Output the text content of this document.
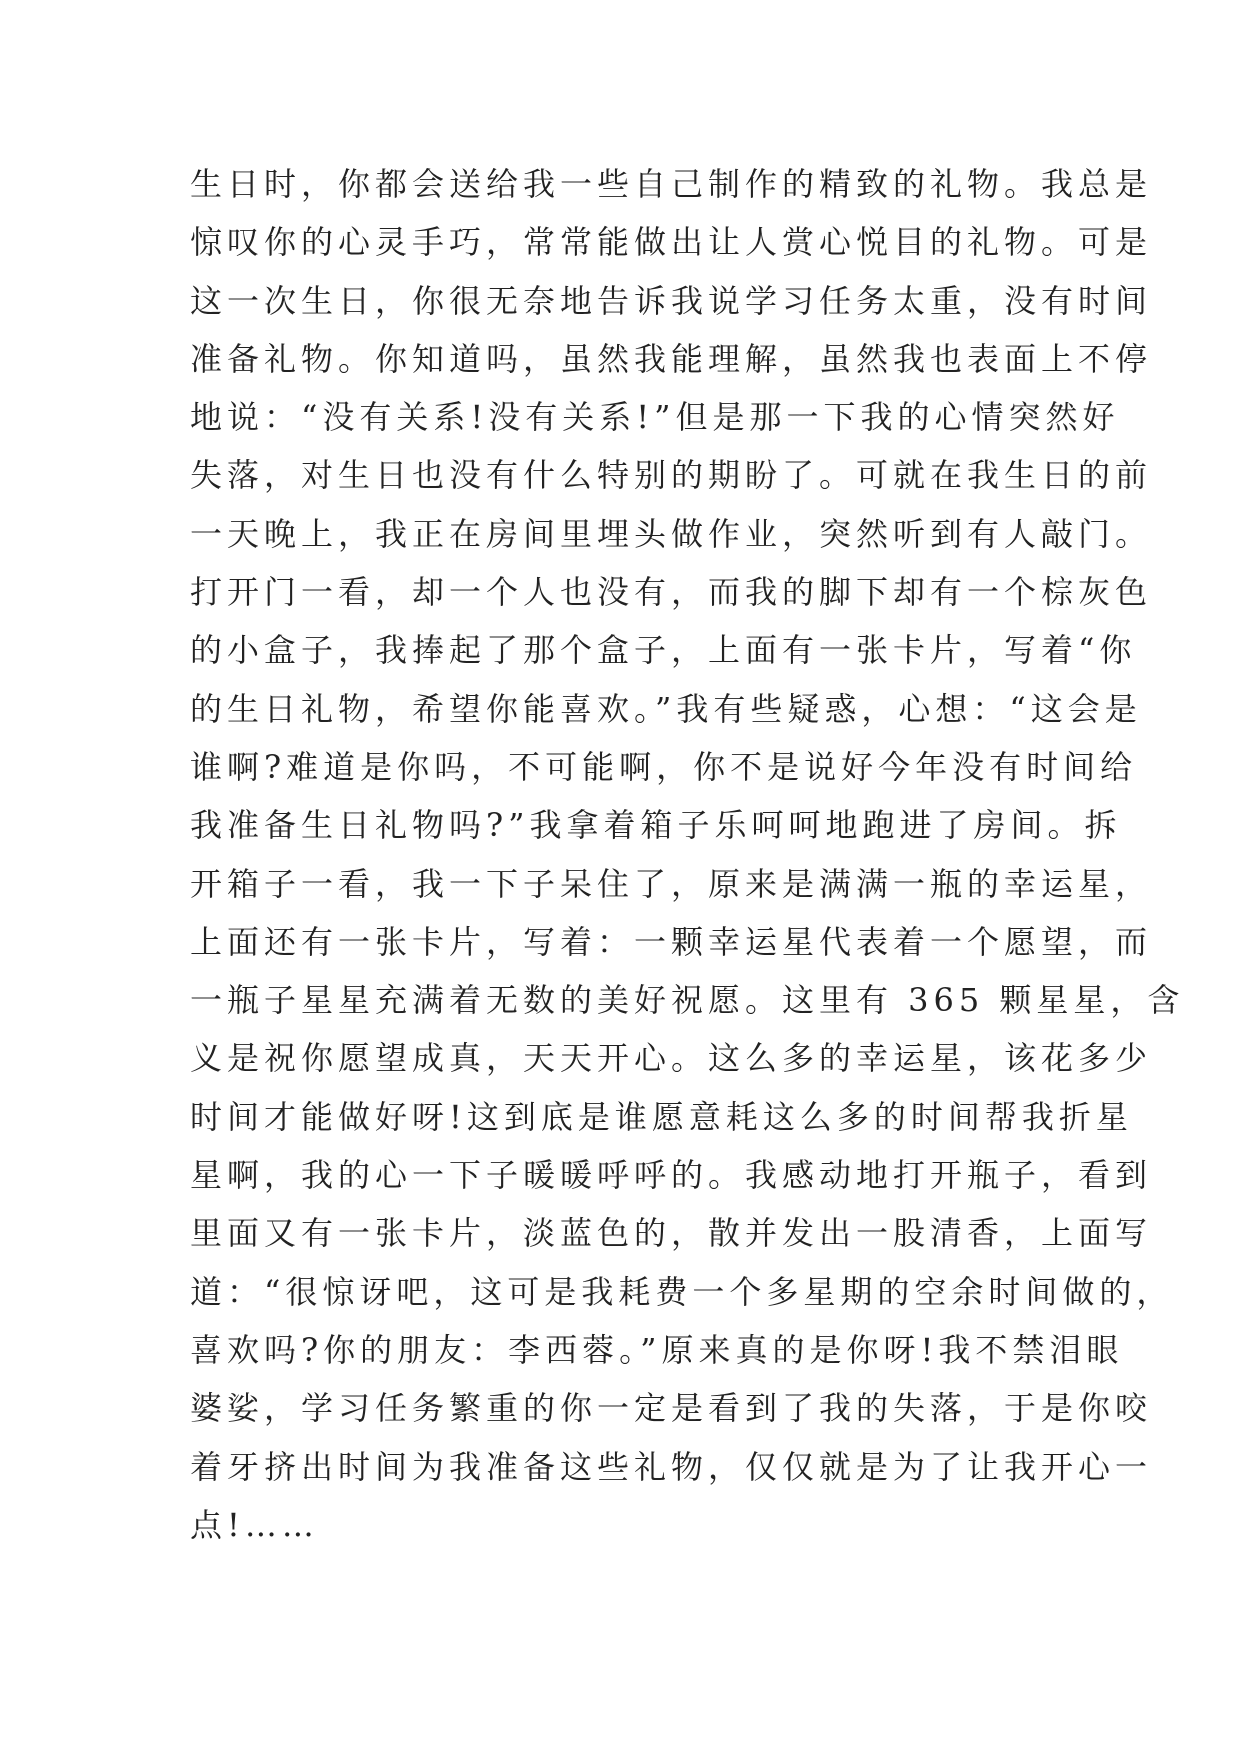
生日时，你都会送给我一些自己制作的精致的礼物。我总是
惊叹你的心灵手巧，常常能做出让人赏心悦目的礼物。可是
这一次生日，你很无奈地告诉我说学习任务太重，没有时间
准备礼物。你知道吗，虽然我能理解，虽然我也表面上不停
地说：“没有关系!没有关系!”但是那一下我的心情突然好
失落，对生日也没有什么特别的期盼了。可就在我生日的前
一天晚上，我正在房间里埋头做作业，突然听到有人敲门。
打开门一看，却一个人也没有，而我的脚下却有一个棕灰色
的小盒子，我捧起了那个盒子，上面有一张卡片，写着“你
的生日礼物，希望你能喜欢。”我有些疑惑，心想：“这会是
谁啊?难道是你吗，不可能啊，你不是说好今年没有时间给
我准备生日礼物吗?”我拿着箱子乐呵呵地跑进了房间。拆
开箱子一看，我一下子呆住了，原来是满满一瓶的幸运星，
上面还有一张卡片，写着：一颗幸运星代表着一个愿望，而
一瓶子星星充满着无数的美好祝愿。这里有 365 颗星星，含
义是祝你愿望成真，天天开心。这么多的幸运星，该花多少
时间才能做好呀!这到底是谁愿意耗这么多的时间帮我折星
星啊，我的心一下子暖暖呼呼的。我感动地打开瓶子，看到
里面又有一张卡片，淡蓝色的，散并发出一股清香，上面写
道：“很惊讶吧，这可是我耗费一个多星期的空余时间做的，
喜欢吗?你的朋友：李西蓉。”原来真的是你呀!我不禁泪眼
婆娑，学习任务繁重的你一定是看到了我的失落，于是你咬
着牙挤出时间为我准备这些礼物，仅仅就是为了让我开心一
点!……
